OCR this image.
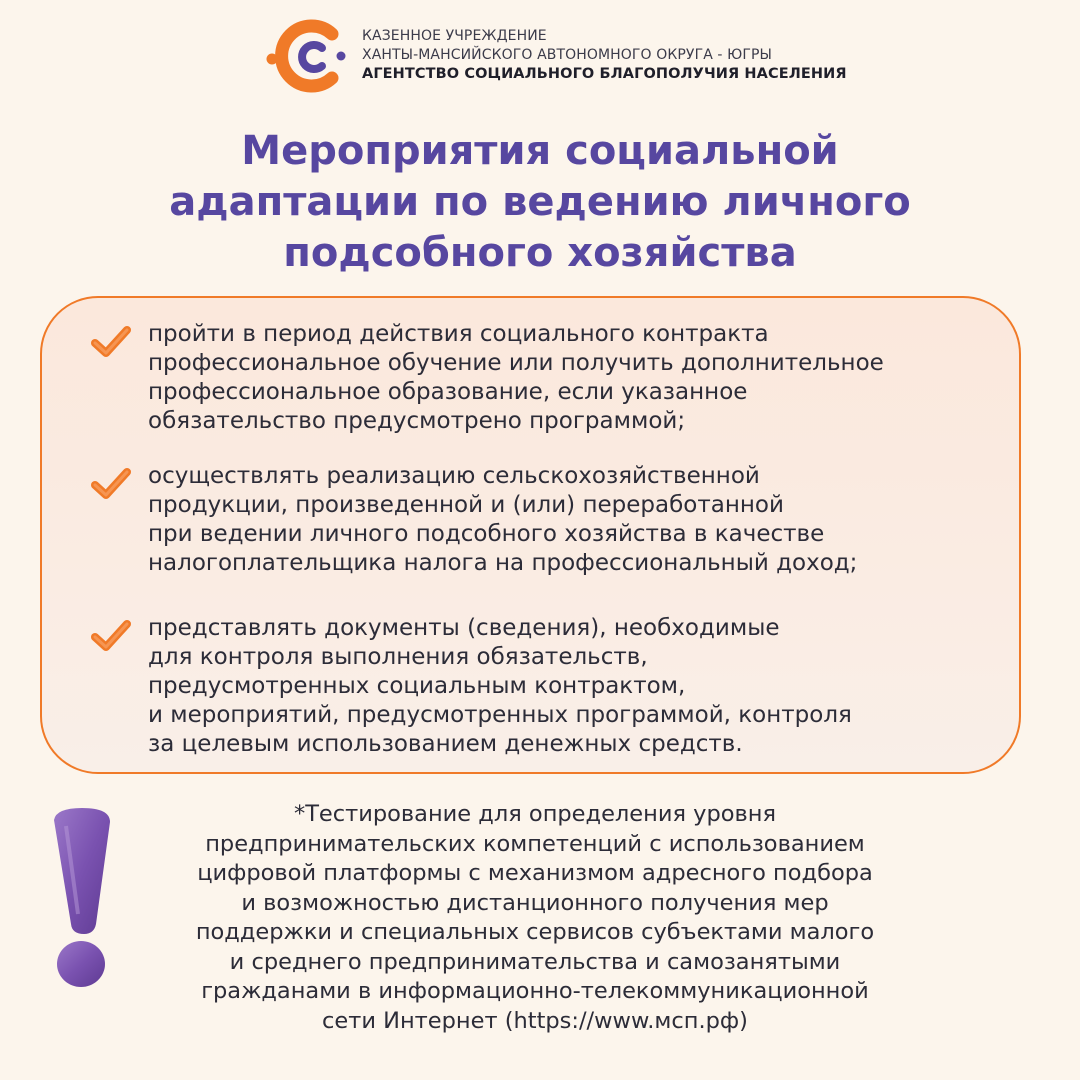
КАЗЕННОЕ УЧРЕЖДЕНИЕ
ХАНТЫ-МАНСИЙСКОГО АВТОНОМНОГО ОКРУГА - ЮГРЫ
АГЕНТСТВО СОЦИАЛЬНОГО БЛАГОПОЛУЧИЯ НАСЕЛЕНИЯ
Мероприятия социальной
адаптации по ведению личного
подсобного хозяйства
пройти в период действия социального контракта
профессиональное обучение или получить дополнительное
профессиональное образование, если указанное
обязательство предусмотрено программой;
осуществлять реализацию сельскохозяйственной
продукции, произведенной и (или) переработанной
при ведении личного подсобного хозяйства в качестве
налогоплательщика налога на профессиональный доход;
представлять документы (сведения), необходимые
для контроля выполнения обязательств,
предусмотренных социальным контрактом,
и мероприятий, предусмотренных программой, контроля
за целевым использованием денежных средств.
*Тестирование для определения уровня
предпринимательских компетенций с использованием
цифровой платформы с механизмом адресного подбора
и возможностью дистанционного получения мер
поддержки и специальных сервисов субъектами малого
и среднего предпринимательства и самозанятыми
гражданами в информационно-телекоммуникационной
сети Интернет (https://www.мсп.рф)
